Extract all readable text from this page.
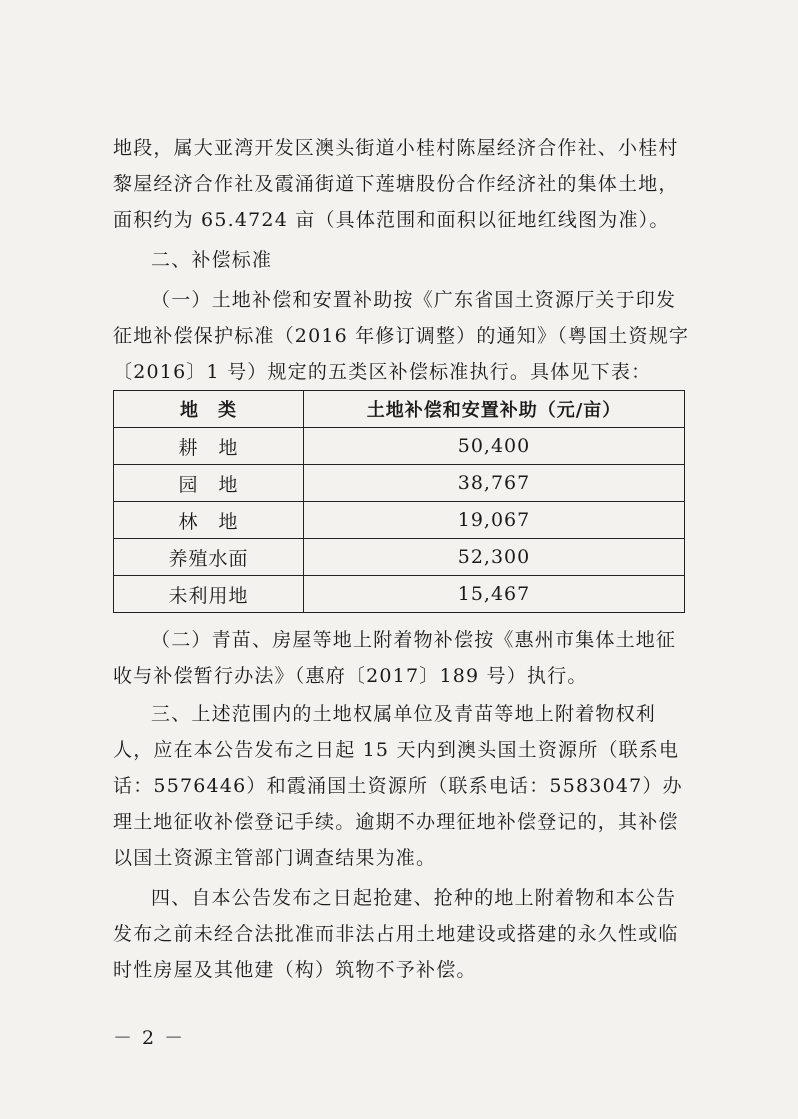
地段，属大亚湾开发区澳头街道小桂村陈屋经济合作社、小桂村黎屋经济合作社及霞涌街道下莲塘股份合作经济社的集体土地，面积约为 65.4724 亩（具体范围和面积以征地红线图为准）。

二、补偿标准

（一）土地补偿和安置补助按《广东省国土资源厅关于印发征地补偿保护标准（2016 年修订调整）的通知》（粤国土资规字〔2016〕1 号）规定的五类区补偿标准执行。具体见下表：

地　类	土地补偿和安置补助（元/亩）
耕　地	50,400
园　地	38,767
林　地	19,067
养殖水面	52,300
未利用地	15,467

（二）青苗、房屋等地上附着物补偿按《惠州市集体土地征收与补偿暂行办法》（惠府〔2017〕189 号）执行。

三、上述范围内的土地权属单位及青苗等地上附着物权利人，应在本公告发布之日起 15 天内到澳头国土资源所（联系电话：5576446）和霞涌国土资源所（联系电话：5583047）办理土地征收补偿登记手续。逾期不办理征地补偿登记的，其补偿以国土资源主管部门调查结果为准。

四、自本公告发布之日起抢建、抢种的地上附着物和本公告发布之前未经合法批准而非法占用土地建设或搭建的永久性或临时性房屋及其他建（构）筑物不予补偿。

－ 2 －
